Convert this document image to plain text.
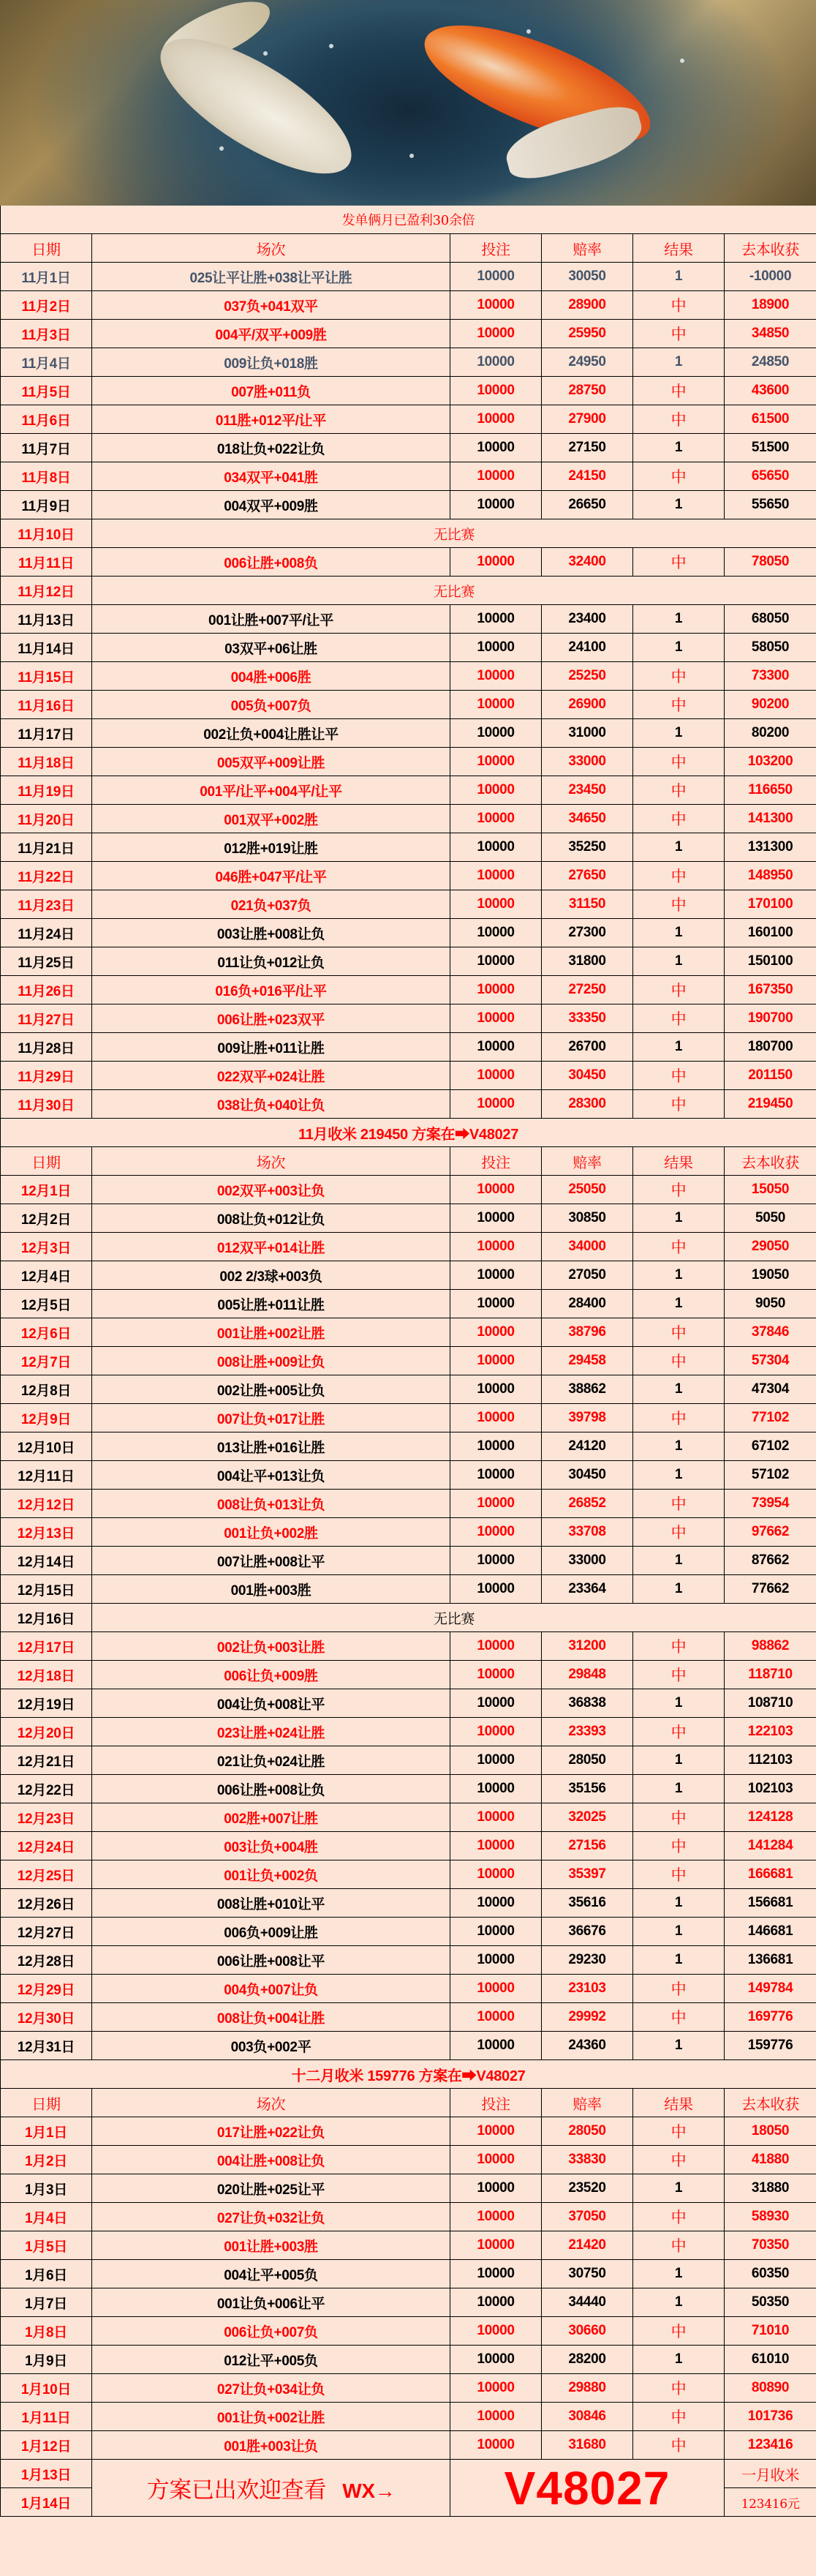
发单俩月已盈利30余倍					
日期	场次	投注	赔率	结果	去本收获
11月1日	025让平让胜+038让平让胜	10000	30050	1	-10000
11月2日	037负+041双平	10000	28900	中	18900
11月3日	004平/双平+009胜	10000	25950	中	34850
11月4日	009让负+018胜	10000	24950	1	24850
11月5日	007胜+011负	10000	28750	中	43600
11月6日	011胜+012平/让平	10000	27900	中	61500
11月7日	018让负+022让负	10000	27150	1	51500
11月8日	034双平+041胜	10000	24150	中	65650
11月9日	004双平+009胜	10000	26650	1	55650
11月10日	无比赛				
11月11日	006让胜+008负	10000	32400	中	78050
11月12日	无比赛				
11月13日	001让胜+007平/让平	10000	23400	1	68050
11月14日	03双平+06让胜	10000	24100	1	58050
11月15日	004胜+006胜	10000	25250	中	73300
11月16日	005负+007负	10000	26900	中	90200
11月17日	002让负+004让胜让平	10000	31000	1	80200
11月18日	005双平+009让胜	10000	33000	中	103200
11月19日	001平/让平+004平/让平	10000	23450	中	116650
11月20日	001双平+002胜	10000	34650	中	141300
11月21日	012胜+019让胜	10000	35250	1	131300
11月22日	046胜+047平/让平	10000	27650	中	148950
11月23日	021负+037负	10000	31150	中	170100
11月24日	003让胜+008让负	10000	27300	1	160100
11月25日	011让负+012让负	10000	31800	1	150100
11月26日	016负+016平/让平	10000	27250	中	167350
11月27日	006让胜+023双平	10000	33350	中	190700
11月28日	009让胜+011让胜	10000	26700	1	180700
11月29日	022双平+024让胜	10000	30450	中	201150
11月30日	038让负+040让负	10000	28300	中	219450
11月收米 219450 方案在➡V48027					
日期	场次	投注	赔率	结果	去本收获
12月1日	002双平+003让负	10000	25050	中	15050
12月2日	008让负+012让负	10000	30850	1	5050
12月3日	012双平+014让胜	10000	34000	中	29050
12月4日	002 2/3球+003负	10000	27050	1	19050
12月5日	005让胜+011让胜	10000	28400	1	9050
12月6日	001让胜+002让胜	10000	38796	中	37846
12月7日	008让胜+009让负	10000	29458	中	57304
12月8日	002让胜+005让负	10000	38862	1	47304
12月9日	007让负+017让胜	10000	39798	中	77102
12月10日	013让胜+016让胜	10000	24120	1	67102
12月11日	004让平+013让负	10000	30450	1	57102
12月12日	008让负+013让负	10000	26852	中	73954
12月13日	001让负+002胜	10000	33708	中	97662
12月14日	007让胜+008让平	10000	33000	1	87662
12月15日	001胜+003胜	10000	23364	1	77662
12月16日	无比赛				
12月17日	002让负+003让胜	10000	31200	中	98862
12月18日	006让负+009胜	10000	29848	中	118710
12月19日	004让负+008让平	10000	36838	1	108710
12月20日	023让胜+024让胜	10000	23393	中	122103
12月21日	021让负+024让胜	10000	28050	1	112103
12月22日	006让胜+008让负	10000	35156	1	102103
12月23日	002胜+007让胜	10000	32025	中	124128
12月24日	003让负+004胜	10000	27156	中	141284
12月25日	001让负+002负	10000	35397	中	166681
12月26日	008让胜+010让平	10000	35616	1	156681
12月27日	006负+009让胜	10000	36676	1	146681
12月28日	006让胜+008让平	10000	29230	1	136681
12月29日	004负+007让负	10000	23103	中	149784
12月30日	008让负+004让胜	10000	29992	中	169776
12月31日	003负+002平	10000	24360	1	159776
十二月收米 159776 方案在➡V48027					
日期	场次	投注	赔率	结果	去本收获
1月1日	017让胜+022让负	10000	28050	中	18050
1月2日	004让胜+008让负	10000	33830	中	41880
1月3日	020让胜+025让平	10000	23520	1	31880
1月4日	027让负+032让负	10000	37050	中	58930
1月5日	001让胜+003胜	10000	21420	中	70350
1月6日	004让平+005负	10000	30750	1	60350
1月7日	001让负+006让平	10000	34440	1	50350
1月8日	006让负+007负	10000	30660	中	71010
1月9日	012让平+005负	10000	28200	1	61010
1月10日	027让负+034让负	10000	29880	中	80890
1月11日	001让负+002让胜	10000	30846	中	101736
1月12日	001胜+003让负	10000	31680	中	123416
1月13日	方案已出欢迎查看 WX→	V48027			一月收米
1月14日					123416元
